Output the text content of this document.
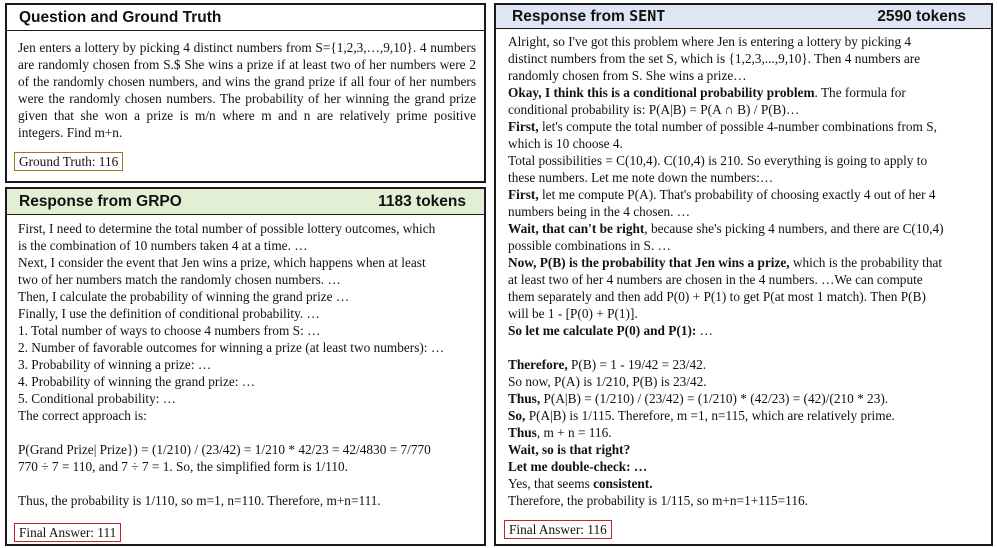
Question and Ground Truth

Jen enters a lottery by picking 4 distinct numbers from S={1,2,3,…,9,10}. 4 numbers are randomly chosen from S.$ She wins a prize if at least two of her numbers were 2 of the randomly chosen numbers, and wins the grand prize if all four of her numbers were the randomly chosen numbers. The probability of her winning the grand prize given that she won a prize is m/n where m and n are relatively prime positive integers. Find m+n.

Ground Truth: 116
Response from GRPO	1183 tokens
First, I need to determine the total number of possible lottery outcomes, which
is the combination of 10 numbers taken 4 at a time. …
Next, I consider the event that Jen wins a prize, which happens when at least
two of her numbers match the randomly chosen numbers. …
Then, I calculate the probability of winning the grand prize …
Finally, I use the definition of conditional probability. …
1. Total number of ways to choose 4 numbers from S: …
2. Number of favorable outcomes for winning a prize (at least two numbers): …
3. Probability of winning a prize: …
4. Probability of winning the grand prize: …
5. Conditional probability: …
The correct approach is:
P(Grand Prize| Prize}) = (1/210) / (23/42) = 1/210 * 42/23 = 42/4830 = 7/770
770 ÷ 7 = 110, and 7 ÷ 7 = 1. So, the simplified form is 1/110.
Thus, the probability is 1/110, so m=1, n=110. Therefore, m+n=111.
Final Answer: 111
Response from SENT	2590 tokens
Alright, so I've got this problem where Jen is entering a lottery by picking 4
distinct numbers from the set S, which is {1,2,3,...,9,10}. Then 4 numbers are
randomly chosen from S. She wins a prize…
Okay, I think this is a conditional probability problem. The formula for
conditional probability is: P(A|B) = P(A ∩ B) / P(B)…
First, let's compute the total number of possible 4-number combinations from S,
which is 10 choose 4.
Total possibilities = C(10,4). C(10,4) is 210. So everything is going to apply to
these numbers. Let me note down the numbers:…
First, let me compute P(A). That's probability of choosing exactly 4 out of her 4
numbers being in the 4 chosen. …
Wait, that can't be right, because she's picking 4 numbers, and there are C(10,4)
possible combinations in S. …
Now, P(B) is the probability that Jen wins a prize, which is the probability that
at least two of her 4 numbers are chosen in the 4 numbers. …We can compute
them separately and then add P(0) + P(1) to get P(at most 1 match). Then P(B)
will be 1 - [P(0) + P(1)].
So let me calculate P(0) and P(1): …
Therefore, P(B) = 1 - 19/42 = 23/42.
So now, P(A) is 1/210, P(B) is 23/42.
Thus, P(A|B) = (1/210) / (23/42) = (1/210) * (42/23) = (42)/(210 * 23).
So, P(A|B) is 1/115. Therefore, m =1, n=115, which are relatively prime.
Thus, m + n = 116.
Wait, so is that right?
Let me double-check: …
Yes, that seems consistent.
Therefore, the probability is 1/115, so m+n=1+115=116.
Final Answer: 116
